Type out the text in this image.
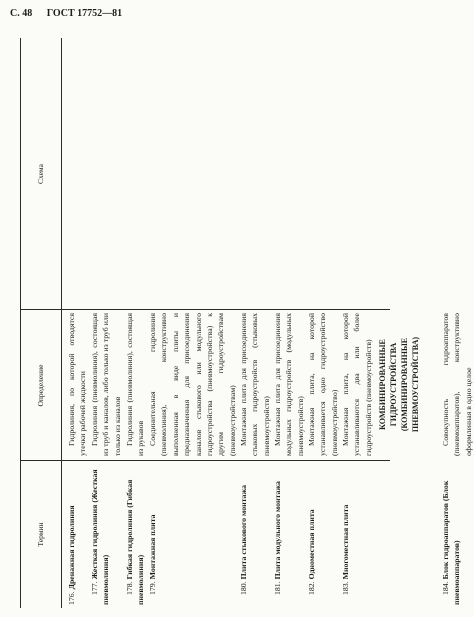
С. 48 ГОСТ 17752—81
Термин
Определение
Схема
176. Дренажная гидролиния
Гидролиния, по которой отводятся утечки рабочей жидкости
177. Жесткая гидролиния (Жесткая пневмолиния)
Гидролиния (пневмолиния), состоящая из труб и каналов, либо только из труб или только из каналов
178. Гибкая гидролиния (Гибкая пневмолиния)
Гидролиния (пневмолиния), состоящая из рукавов
179. Монтажная плита
Соединительная гидролиния (пневмолиния), конструктивно выполненная в виде плиты и предназначенная для присоединения каналов стыкового или модульного гидроустройства (пневмоустройства) к другим гидроустройствам (пневмоустройствам)
180. Плита стыкового монтажа
Монтажная плита для присоединения стыковых гидроустройств (стыковых пневмоустройств)
181. Плита модульного монтажа
Монтажная плита для присоединения модульных гидроустройств (модульных пневмоустройств)
182. Одноместная плита
Монтажная плита, на которой устанавливается одно гидроустройство (пневмоустройство)
183. Многоместная плита
Монтажная плита, на которой устанавливаются два или более гидроустройств (пневмоустройств) КОМБИНИРОВАННЫЕ ГИДРОУСТРОЙСТВА (КОМБИНИРОВАННЫЕ ПНЕВМОУСТРОЙСТВА)
184. Блок гидроаппаратов (Блок пневмоаппаратов)
Совокупность гидроаппаратов (пневмоаппаратов), конструктивно оформленная в одно целое
